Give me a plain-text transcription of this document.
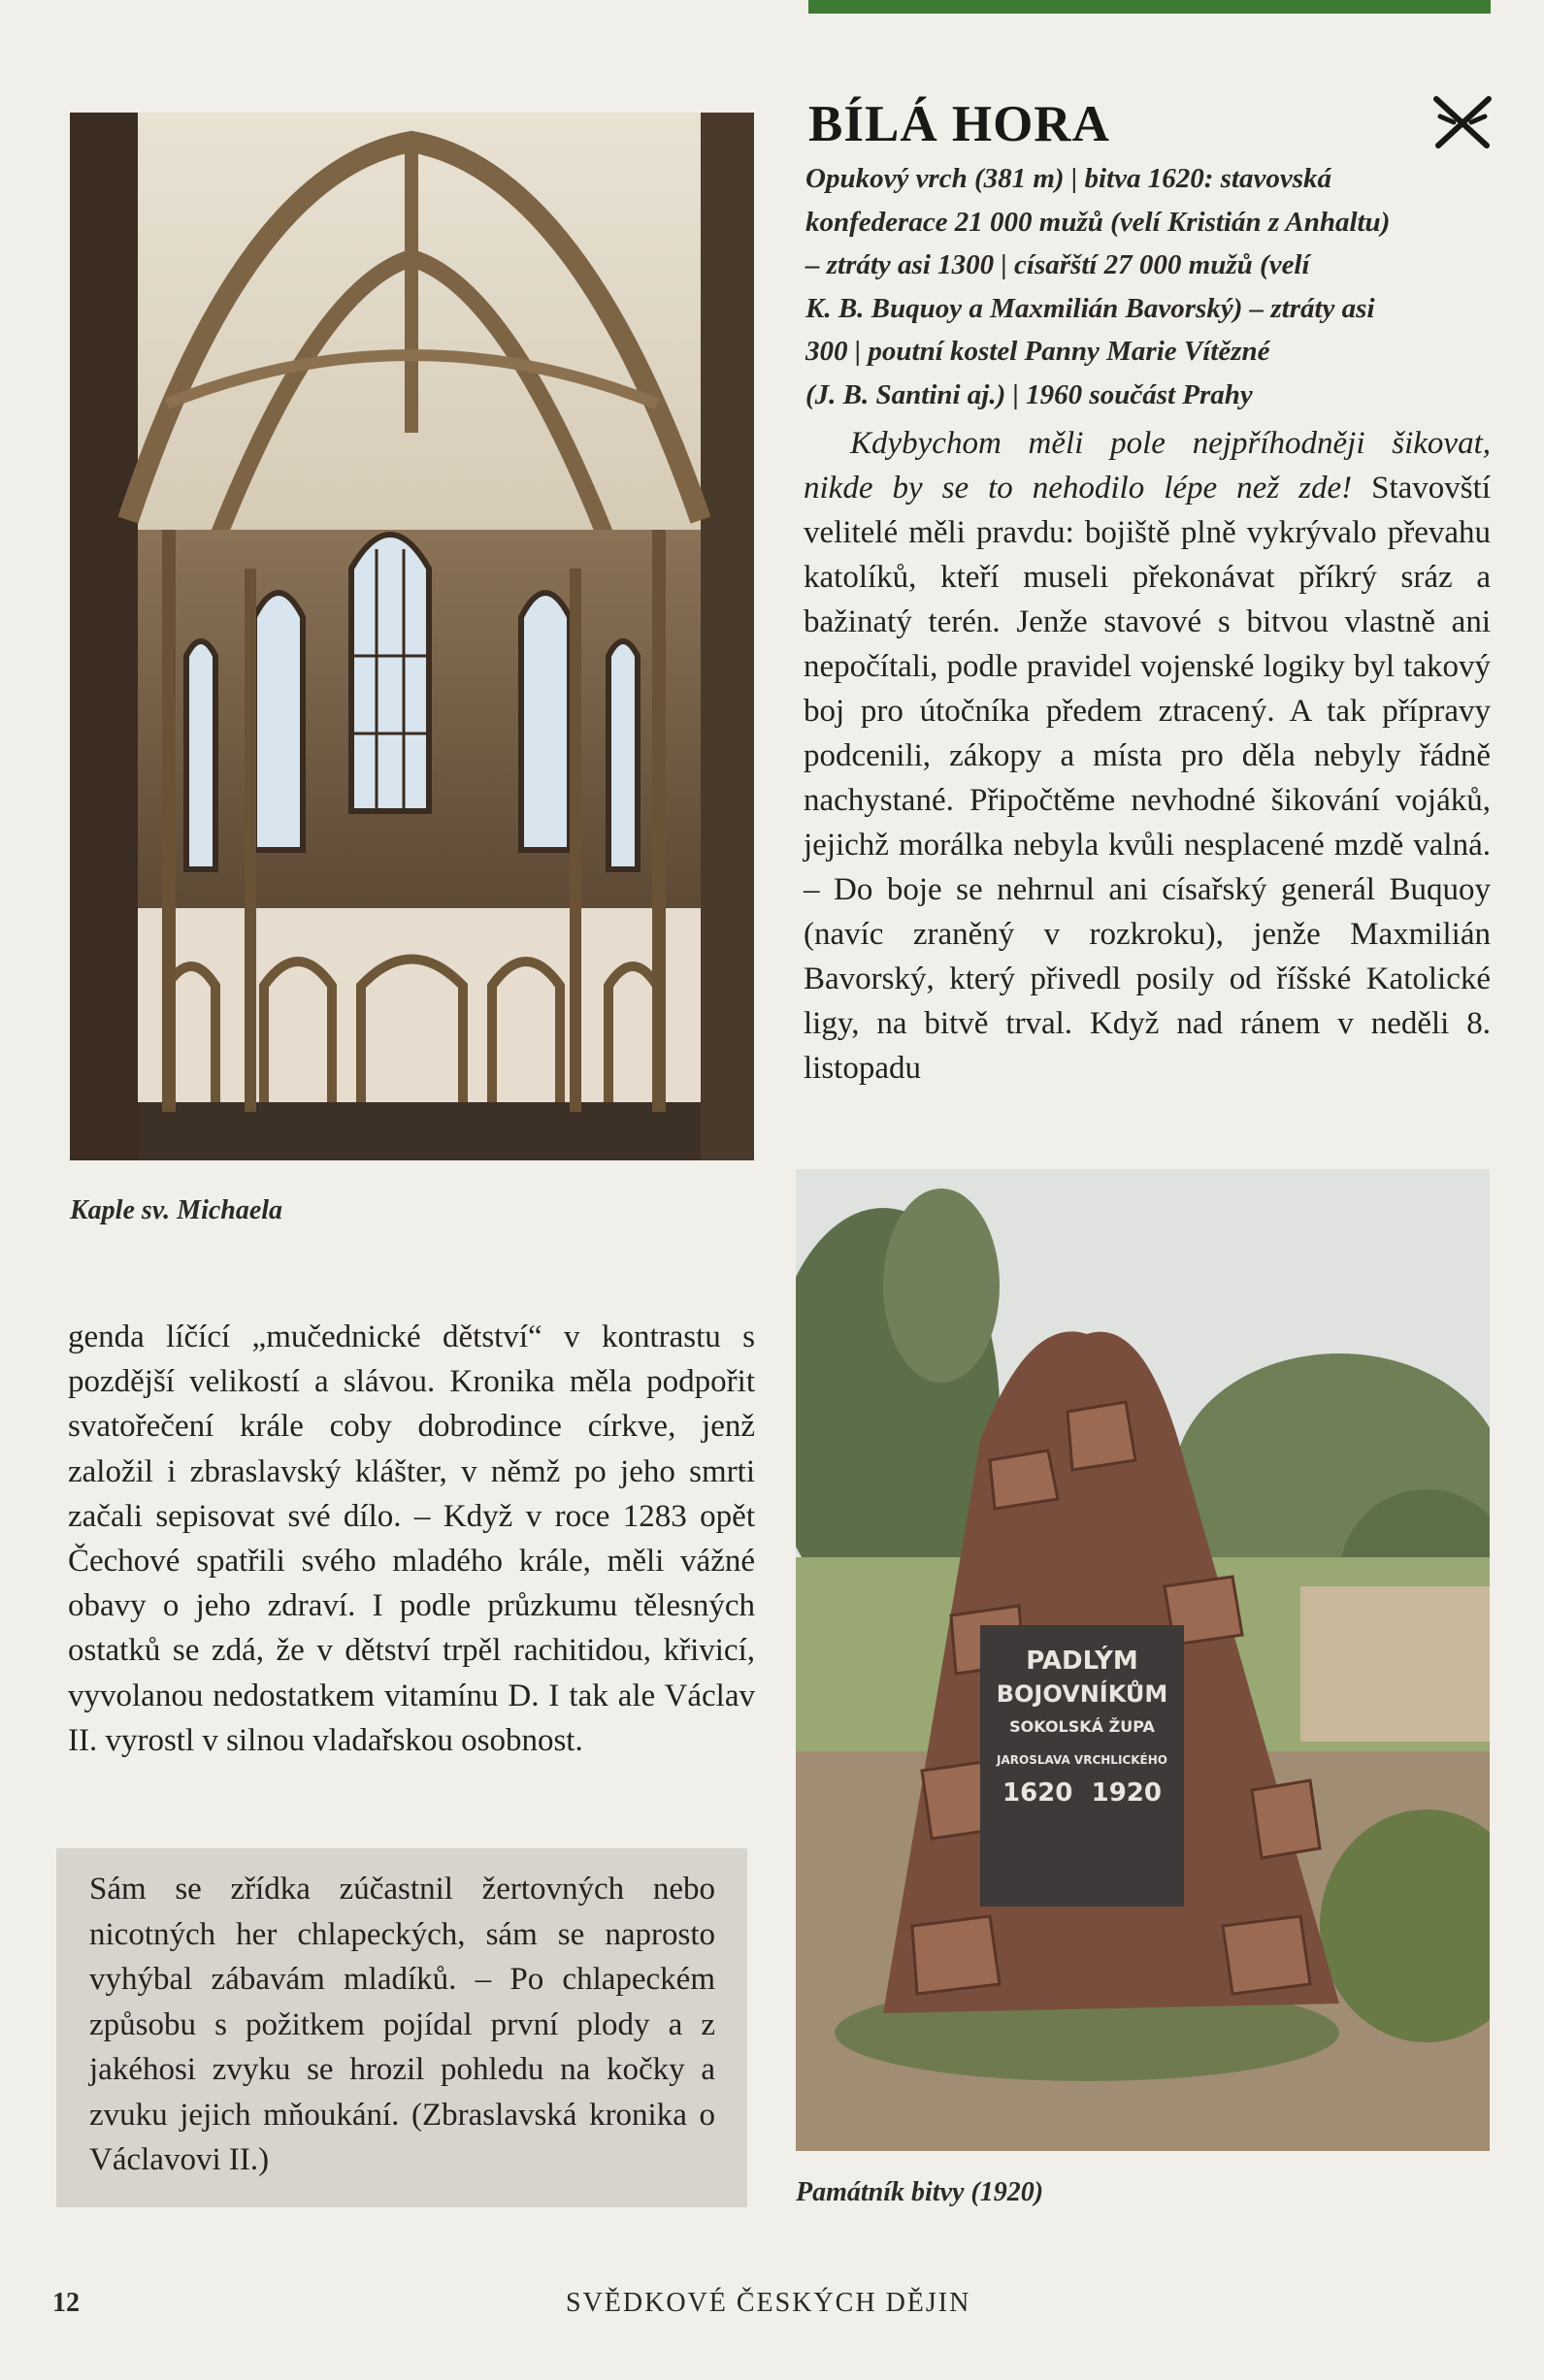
Kaple sv. Michaela
BÍLÁ HORA
Opukový vrch (381 m) | bitva 1620: stavovská
konfederace 21 000 mužů (velí Kristián z Anhaltu)
– ztráty asi 1300 | císařští 27 000 mužů (velí
K. B. Buquoy a Maxmilián Bavorský) – ztráty asi
300 | poutní kostel Panny Marie Vítězné
(J. B. Santini aj.) | 1960 součást Prahy

Kdybychom měli pole nejpříhodněji šikovat, nikde by se to nehodilo lépe než zde! Stavovští velitelé měli pravdu: bojiště plně vykrývalo převahu katolíků, kteří museli překonávat příkrý sráz a bažinatý terén. Jenže stavové s bitvou vlastně ani nepočítali, podle pravidel vojenské logiky byl takový boj pro útočníka předem ztracený. A tak přípravy podcenili, zákopy a místa pro děla nebyly řádně nachystané. Připočtěme nevhodné šikování vojáků, jejichž morálka nebyla kvůli nesplacené mzdě valná. – Do boje se nehrnul ani císařský generál Buquoy (navíc zraněný v rozkroku), jenže Maxmilián Bavorský, který přivedl posily od říšské Katolické ligy, na bitvě trval. Když nad ránem v neděli 8. listopadu

PADLÝM
BOJOVNÍKŮM
SOKOLSKÁ ŽUPA
JAROSLAVA VRCHLICKÉHO
1620 1920
Památník bitvy (1920)
genda líčící „mučednické dětství“ v kontrastu s pozdější velikostí a slávou. Kronika měla podpořit svatořečení krále coby dobrodince církve, jenž založil i zbraslavský klášter, v němž po jeho smrti začali sepisovat své dílo. – Když v roce 1283 opět Čechové spatřili svého mladého krále, měli vážné obavy o jeho zdraví. I podle průzkumu tělesných ostatků se zdá, že v dětství trpěl rachitidou, křivicí, vyvolanou nedostatkem vitamínu D. I tak ale Václav II. vyrostl v silnou vladařskou osobnost.
Sám se zřídka zúčastnil žertovných nebo nicotných her chlapeckých, sám se naprosto vyhýbal zábavám mladíků. – Po chlapeckém způsobu s požitkem pojídal první plody a z jakéhosi zvyku se hrozil pohledu na kočky a zvuku jejich mňoukání. (Zbraslavská kronika o Václavovi II.)
12	SVĚDKOVÉ ČESKÝCH DĚJIN
